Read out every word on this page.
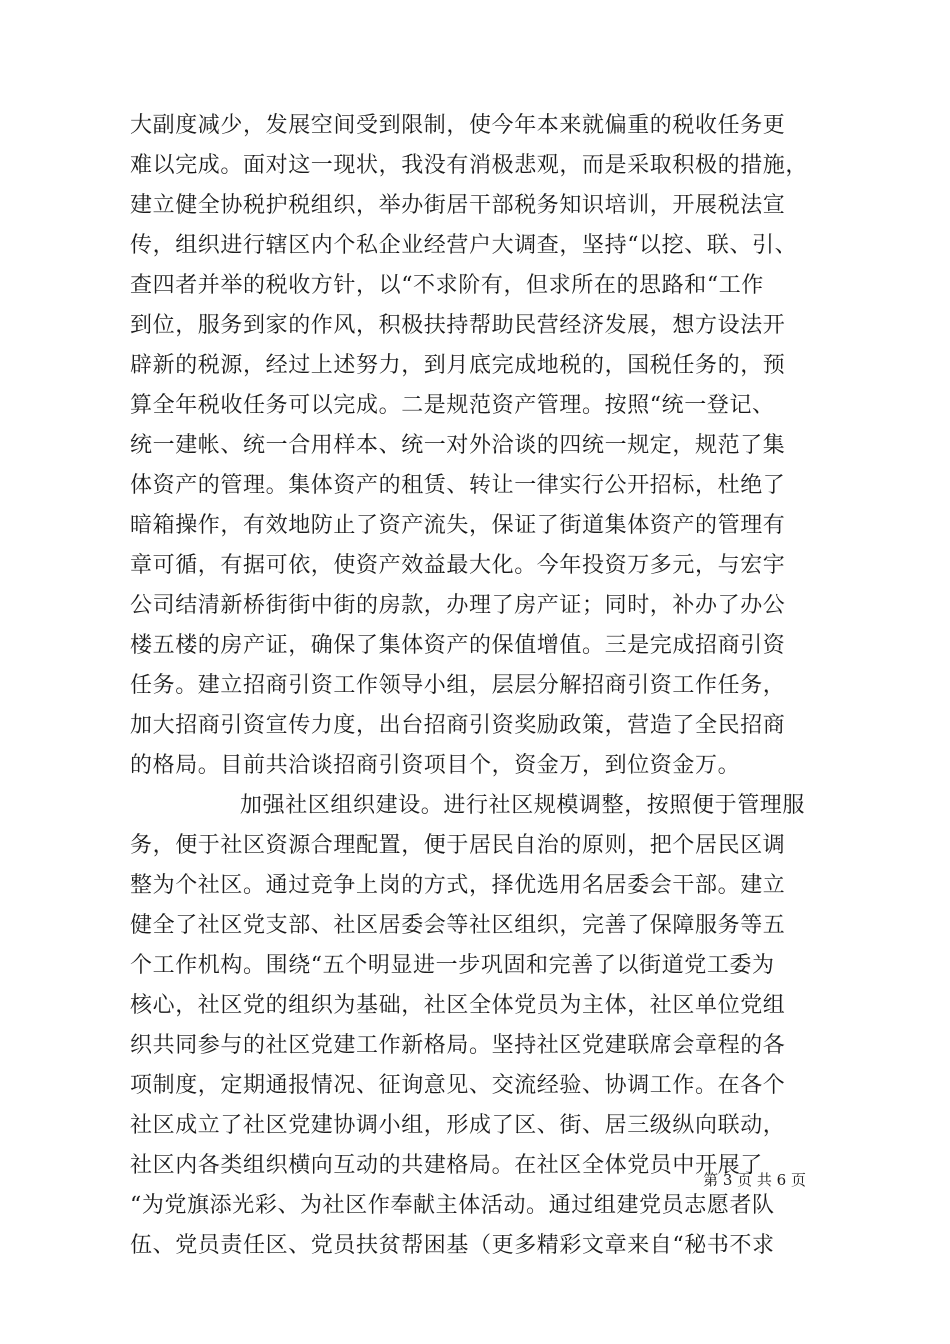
大副度减少，发展空间受到限制，使今年本来就偏重的税收任务更
难以完成。面对这一现状，我没有消极悲观，而是采取积极的措施，
建立健全协税护税组织，举办街居干部税务知识培训，开展税法宣
传，组织进行辖区内个私企业经营户大调查，坚持“以挖、联、引、
查四者并举的税收方针，以“不求阶有，但求所在的思路和“工作
到位，服务到家的作风，积极扶持帮助民营经济发展，想方设法开
辟新的税源，经过上述努力，到月底完成地税的，国税任务的，预
算全年税收任务可以完成。二是规范资产管理。按照“统一登记、
统一建帐、统一合用样本、统一对外洽谈的四统一规定，规范了集
体资产的管理。集体资产的租赁、转让一律实行公开招标，杜绝了
暗箱操作，有效地防止了资产流失，保证了街道集体资产的管理有
章可循，有据可依，使资产效益最大化。今年投资万多元，与宏宇
公司结清新桥街街中街的房款，办理了房产证；同时，补办了办公
楼五楼的房产证，确保了集体资产的保值增值。三是完成招商引资
任务。建立招商引资工作领导小组，层层分解招商引资工作任务，
加大招商引资宣传力度，出台招商引资奖励政策，营造了全民招商
的格局。目前共洽谈招商引资项目个，资金万，到位资金万。
加强社区组织建设。进行社区规模调整，按照便于管理服
务，便于社区资源合理配置，便于居民自治的原则，把个居民区调
整为个社区。通过竞争上岗的方式，择优选用名居委会干部。建立
健全了社区党支部、社区居委会等社区组织，完善了保障服务等五
个工作机构。围绕“五个明显进一步巩固和完善了以街道党工委为
核心，社区党的组织为基础，社区全体党员为主体，社区单位党组
织共同参与的社区党建工作新格局。坚持社区党建联席会章程的各
项制度，定期通报情况、征询意见、交流经验、协调工作。在各个
社区成立了社区党建协调小组，形成了区、街、居三级纵向联动，
社区内各类组织横向互动的共建格局。在社区全体党员中开展了
“为党旗添光彩、为社区作奉献主体活动。通过组建党员志愿者队
伍、党员责任区、党员扶贫帮困基（更多精彩文章来自“秘书不求
第 3 页 共 6 页
